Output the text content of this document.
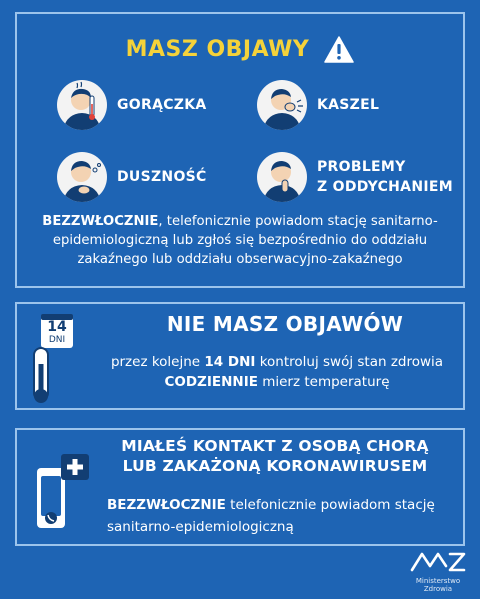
MASZ OBJAWY
GORĄCZKA	KASZEL
DUSZNOŚĆ
PROBLEMY
Z ODDYCHANIEM
BEZZWŁOCZNIE, telefonicznie powiadom stację sanitarno-
epidemiologiczną lub zgłoś się bezpośrednio do oddziału
zakaźnego lub oddziału obserwacyjno-zakaźnego
14
DNI
NIE MASZ OBJAWÓW
przez kolejne 14 DNI kontroluj swój stan zdrowia
CODZIENNIE mierz temperaturę
MIAŁEŚ KONTAKT Z OSOBĄ CHORĄ
LUB ZAKAŻONĄ KORONAWIRUSEM
BEZZWŁOCZNIE telefonicznie powiadom stację
sanitarno-epidemiologiczną
Ministerstwo Zdrowia
